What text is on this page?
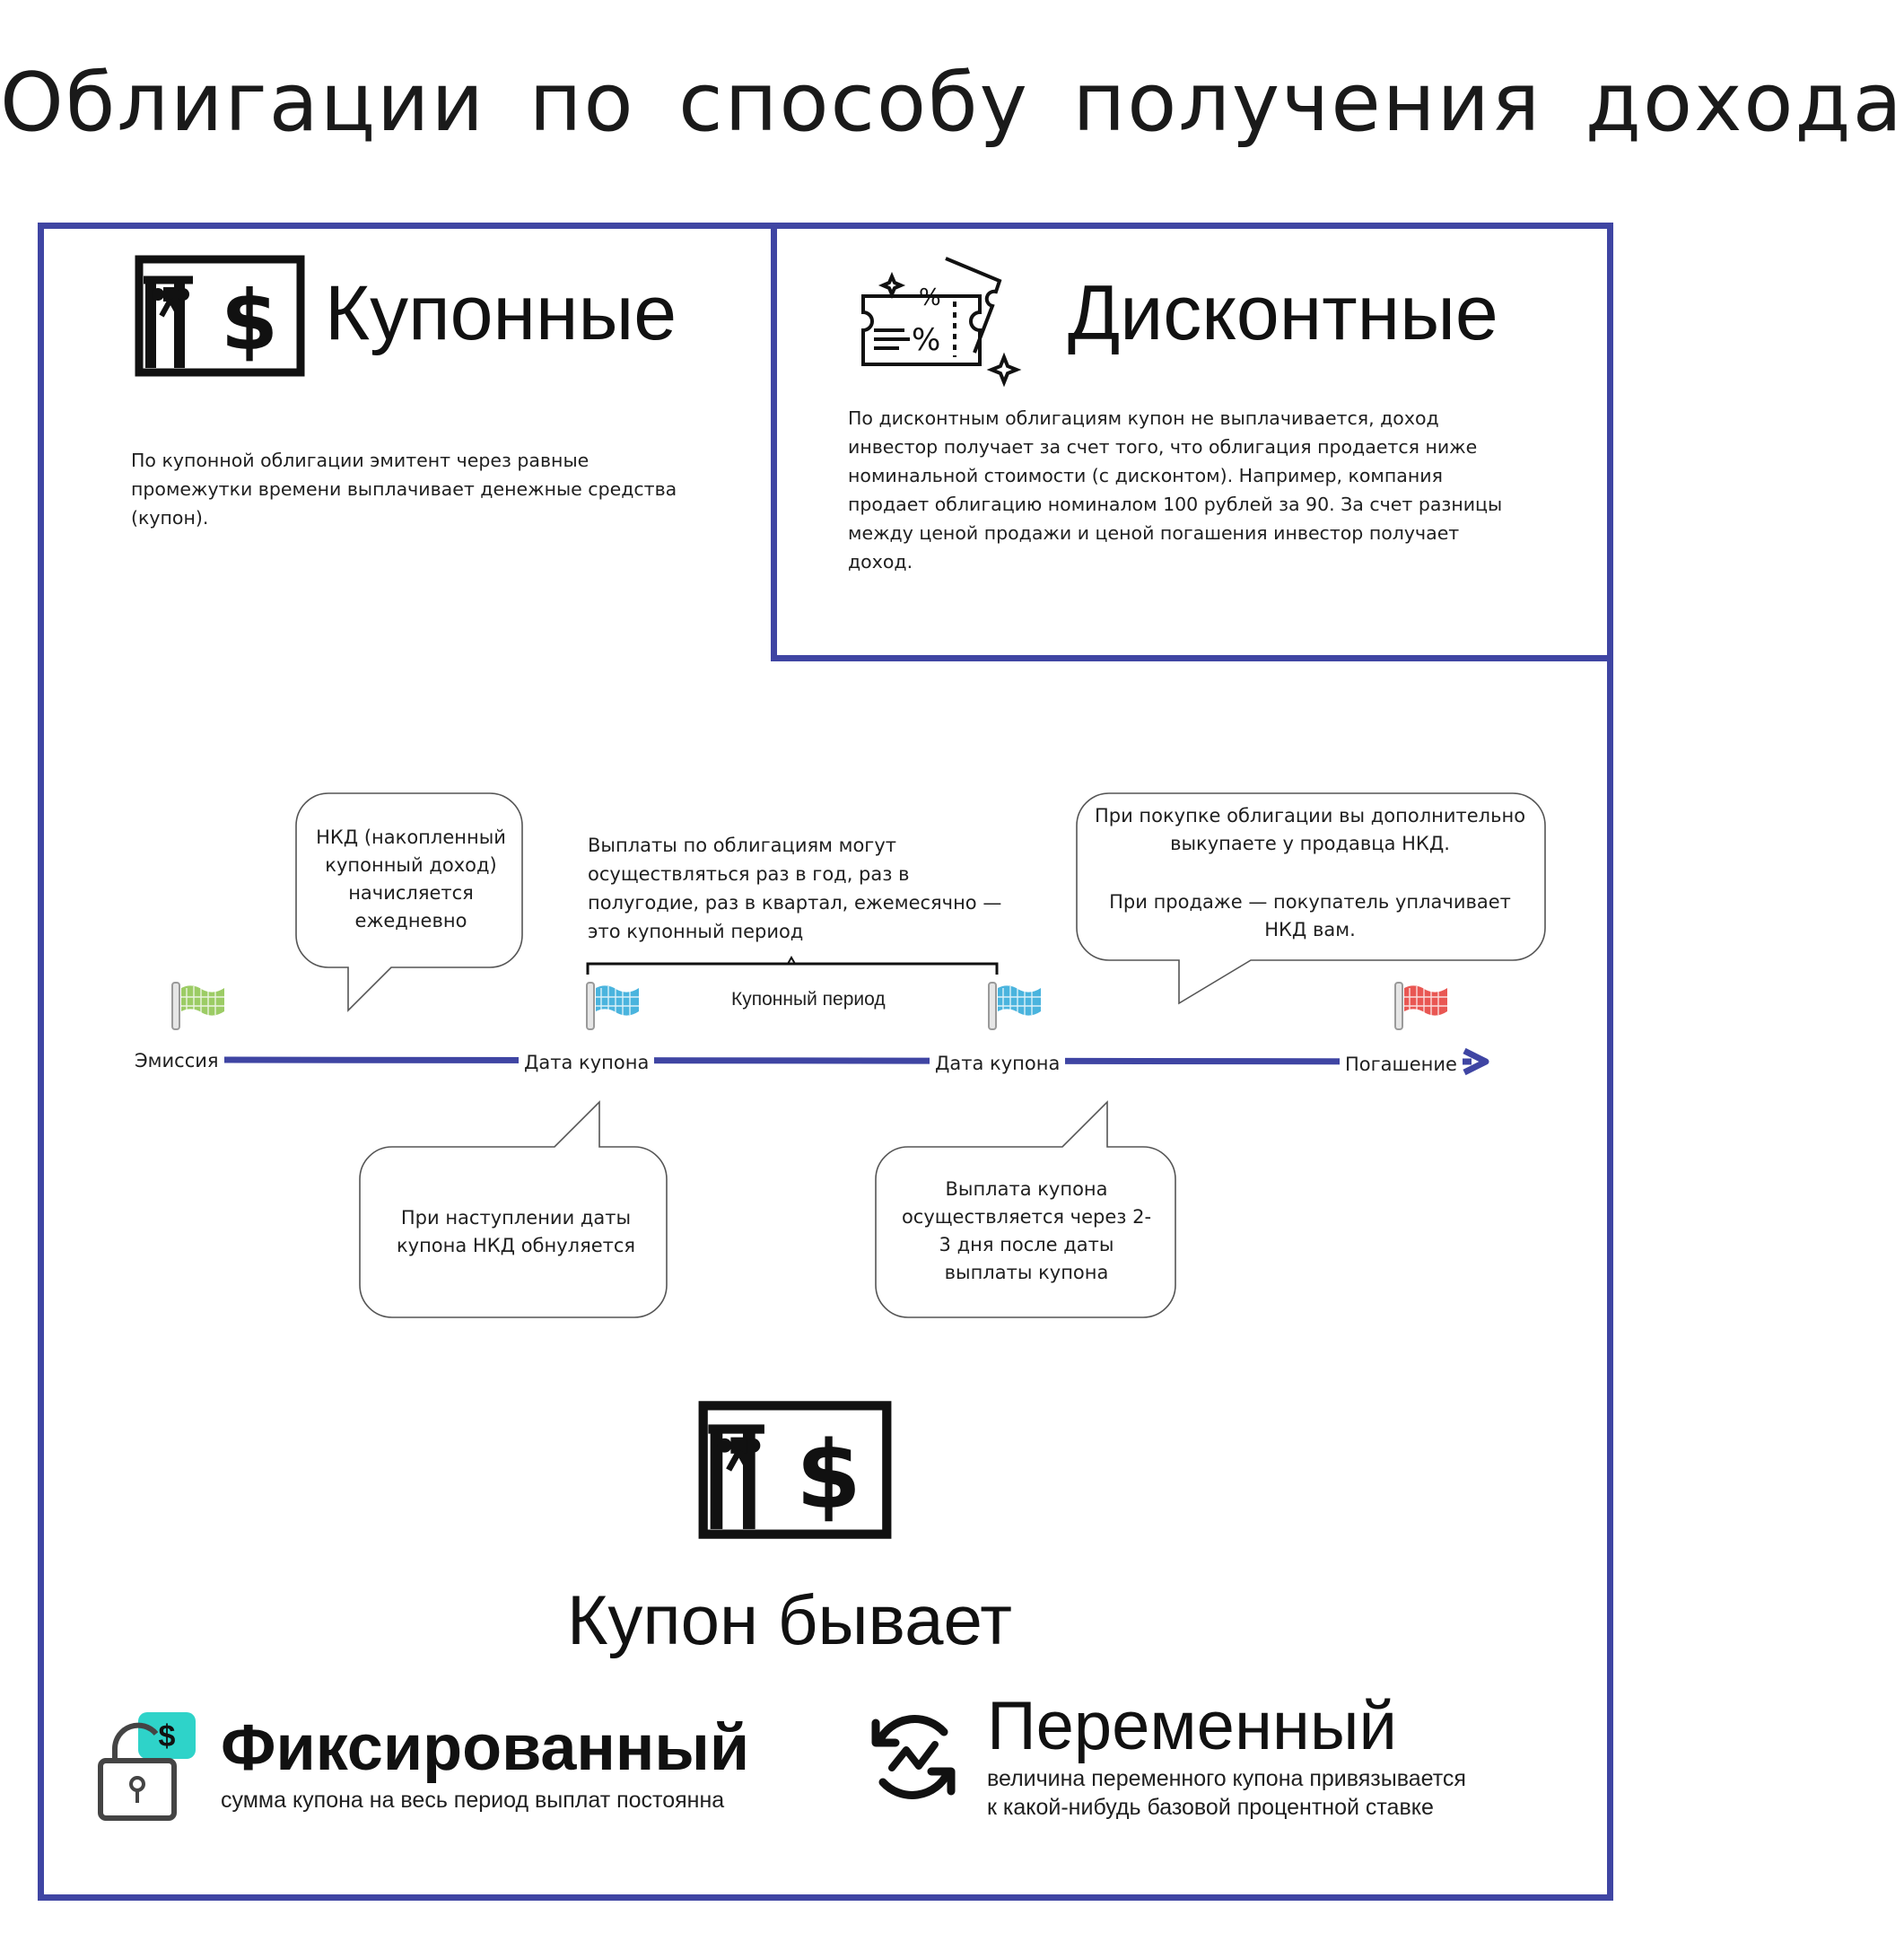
Облигации по способу получения дохода
$ Купонные
По купонной облигации эмитент через равные промежутки времени выплачивает денежные средства (купон).
%
% Дисконтные
По дисконтным облигациям купон не выплачивается, доход инвестор получает за счет того, что облигация продается ниже номинальной стоимости (с дисконтом). Например, компания продает облигацию номиналом 100 рублей за 90. За счет разницы между ценой продажи и ценой погашения инвестор получает доход.
Купонный период
Выплаты по облигациям могут осуществляться раз в год, раз в полугодие, раз в квартал, ежемесячно — это купонный период
Эмиссия	Дата купона	Дата купона	Погашение
НКД (накопленный купонный доход) начисляется ежедневно
При покупке облигации вы дополнительно выкупаете у продавца НКД.
При продаже — покупатель уплачивает НКД вам.
При наступлении даты купона НКД обнуляется
Выплата купона осуществляется через 2-3 дня после даты выплаты купона
$
Купон бывает
$ Фиксированный
сумма купона на весь период выплат постоянна
Переменный
величина переменного купона привязывается
к какой-нибудь базовой процентной ставке
